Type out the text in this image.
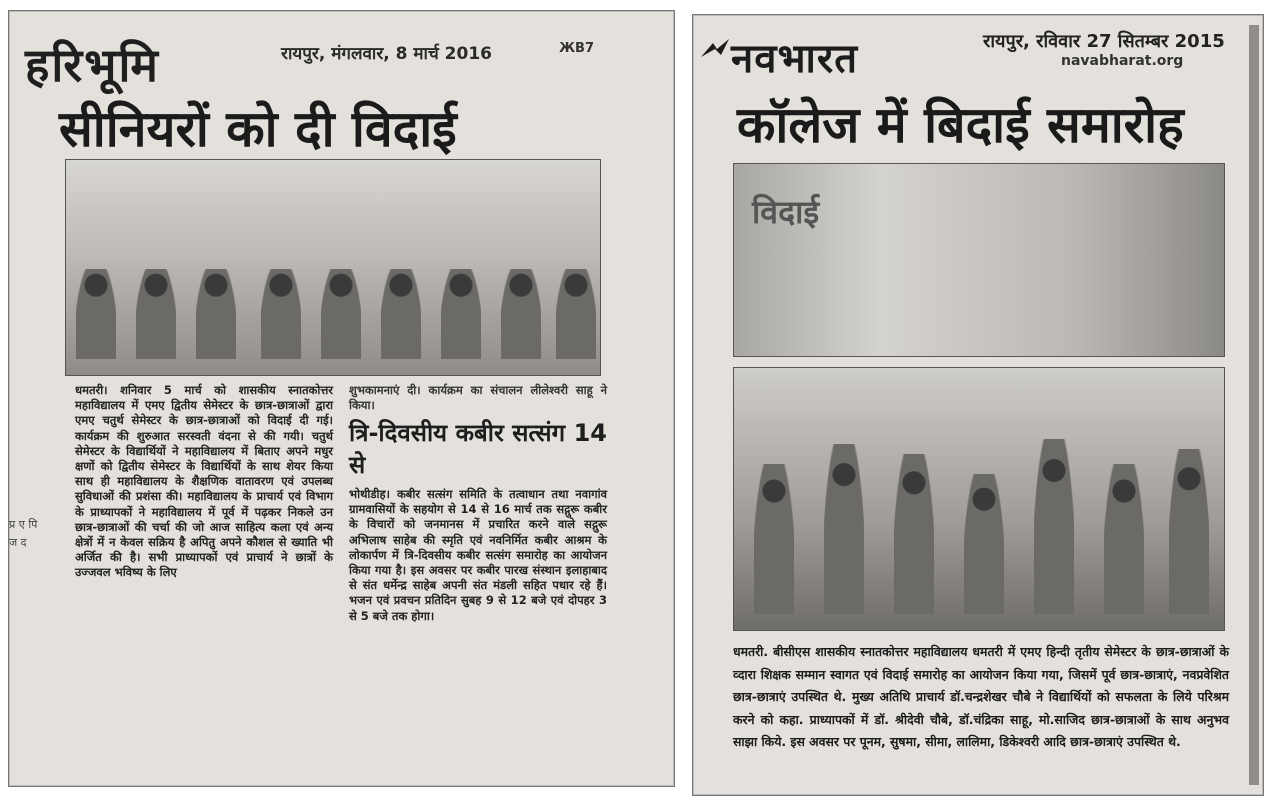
हरिभूमि	रायपुर, मंगलवार, 8 मार्च 2016	ЖВ7
सीनियरों को दी विदाई
प्र ए पि ज द
धमतरी। शनिवार 5 मार्च को शासकीय स्नातकोत्तर महाविद्यालय में एमए द्वितीय सेमेस्टर के छात्र-छात्राओं द्वारा एमए चतुर्थ सेमेस्टर के छात्र-छात्राओं को विदाई दी गई। कार्यक्रम की शुरुआत सरस्वती वंदना से की गयी। चतुर्थ सेमेस्टर के विद्यार्थियों ने महाविद्यालय में बिताए अपने मधुर क्षणों को द्वितीय सेमेस्टर के विद्यार्थियों के साथ शेयर किया साथ ही महाविद्यालय के शैक्षणिक वातावरण एवं उपलब्ध सुविधाओं की प्रशंसा की। महाविद्यालय के प्राचार्य एवं विभाग के प्राध्यापकों ने महाविद्यालय में पूर्व में पढ़कर निकले उन छात्र-छात्राओं की चर्चा की जो आज साहित्य कला एवं अन्य क्षेत्रों में न केवल सक्रिय है अपितु अपने कौशल से ख्याति भी अर्जित की है। सभी प्राध्यापकों एवं प्राचार्य ने छात्रों के उज्जवल भविष्य के लिए
शुभकामनाएं दी। कार्यक्रम का संचालन लीलेश्वरी साहू ने किया।
त्रि-दिवसीय कबीर सत्संग 14 से
भोथीडीह। कबीर सत्संग समिति के तत्वाधान तथा नवागांव ग्रामवासियों के सहयोग से 14 से 16 मार्च तक सद्गुरू कबीर के विचारों को जनमानस में प्रचारित करने वाले सद्गुरू अभिलाष साहेब की स्मृति एवं नवनिर्मित कबीर आश्रम के लोकार्पण में त्रि-दिवसीय कबीर सत्संग समारोह का आयोजन किया गया है। इस अवसर पर कबीर पारख संस्थान इलाहाबाद से संत धर्मेन्द्र साहेब अपनी संत मंडली सहित पधार रहे हैं। भजन एवं प्रवचन प्रतिदिन सुबह 9 से 12 बजे एवं दोपहर 3 से 5 बजे तक होगा।
नवभारत	रायपुर, रविवार 27 सितम्बर 2015
navabharat.org
कॉलेज में बिदाई समारोह
विदाई
धमतरी. बीसीएस शासकीय स्नातकोत्तर महाविद्यालय धमतरी में एमए हिन्दी तृतीय सेमेस्टर के छात्र-छात्राओं के व्दारा शिक्षक सम्मान स्वागत एवं विदाई समारोह का आयोजन किया गया, जिसमें पूर्व छात्र-छात्राएं, नवप्रवेशित छात्र-छात्राएं उपस्थित थे. मुख्य अतिथि प्राचार्य डॉ.चन्द्रशेखर चौबे ने विद्यार्थियों को सफलता के लिये परिश्रम करने को कहा. प्राध्यापकों में डॉ. श्रीदेवी चौबे, डॉ.चंद्रिका साहू, मो.साजिद छात्र-छात्राओं के साथ अनुभव साझा किये. इस अवसर पर पूनम, सुषमा, सीमा, लालिमा, डिकेश्वरी आदि छात्र-छात्राएं उपस्थित थे.
